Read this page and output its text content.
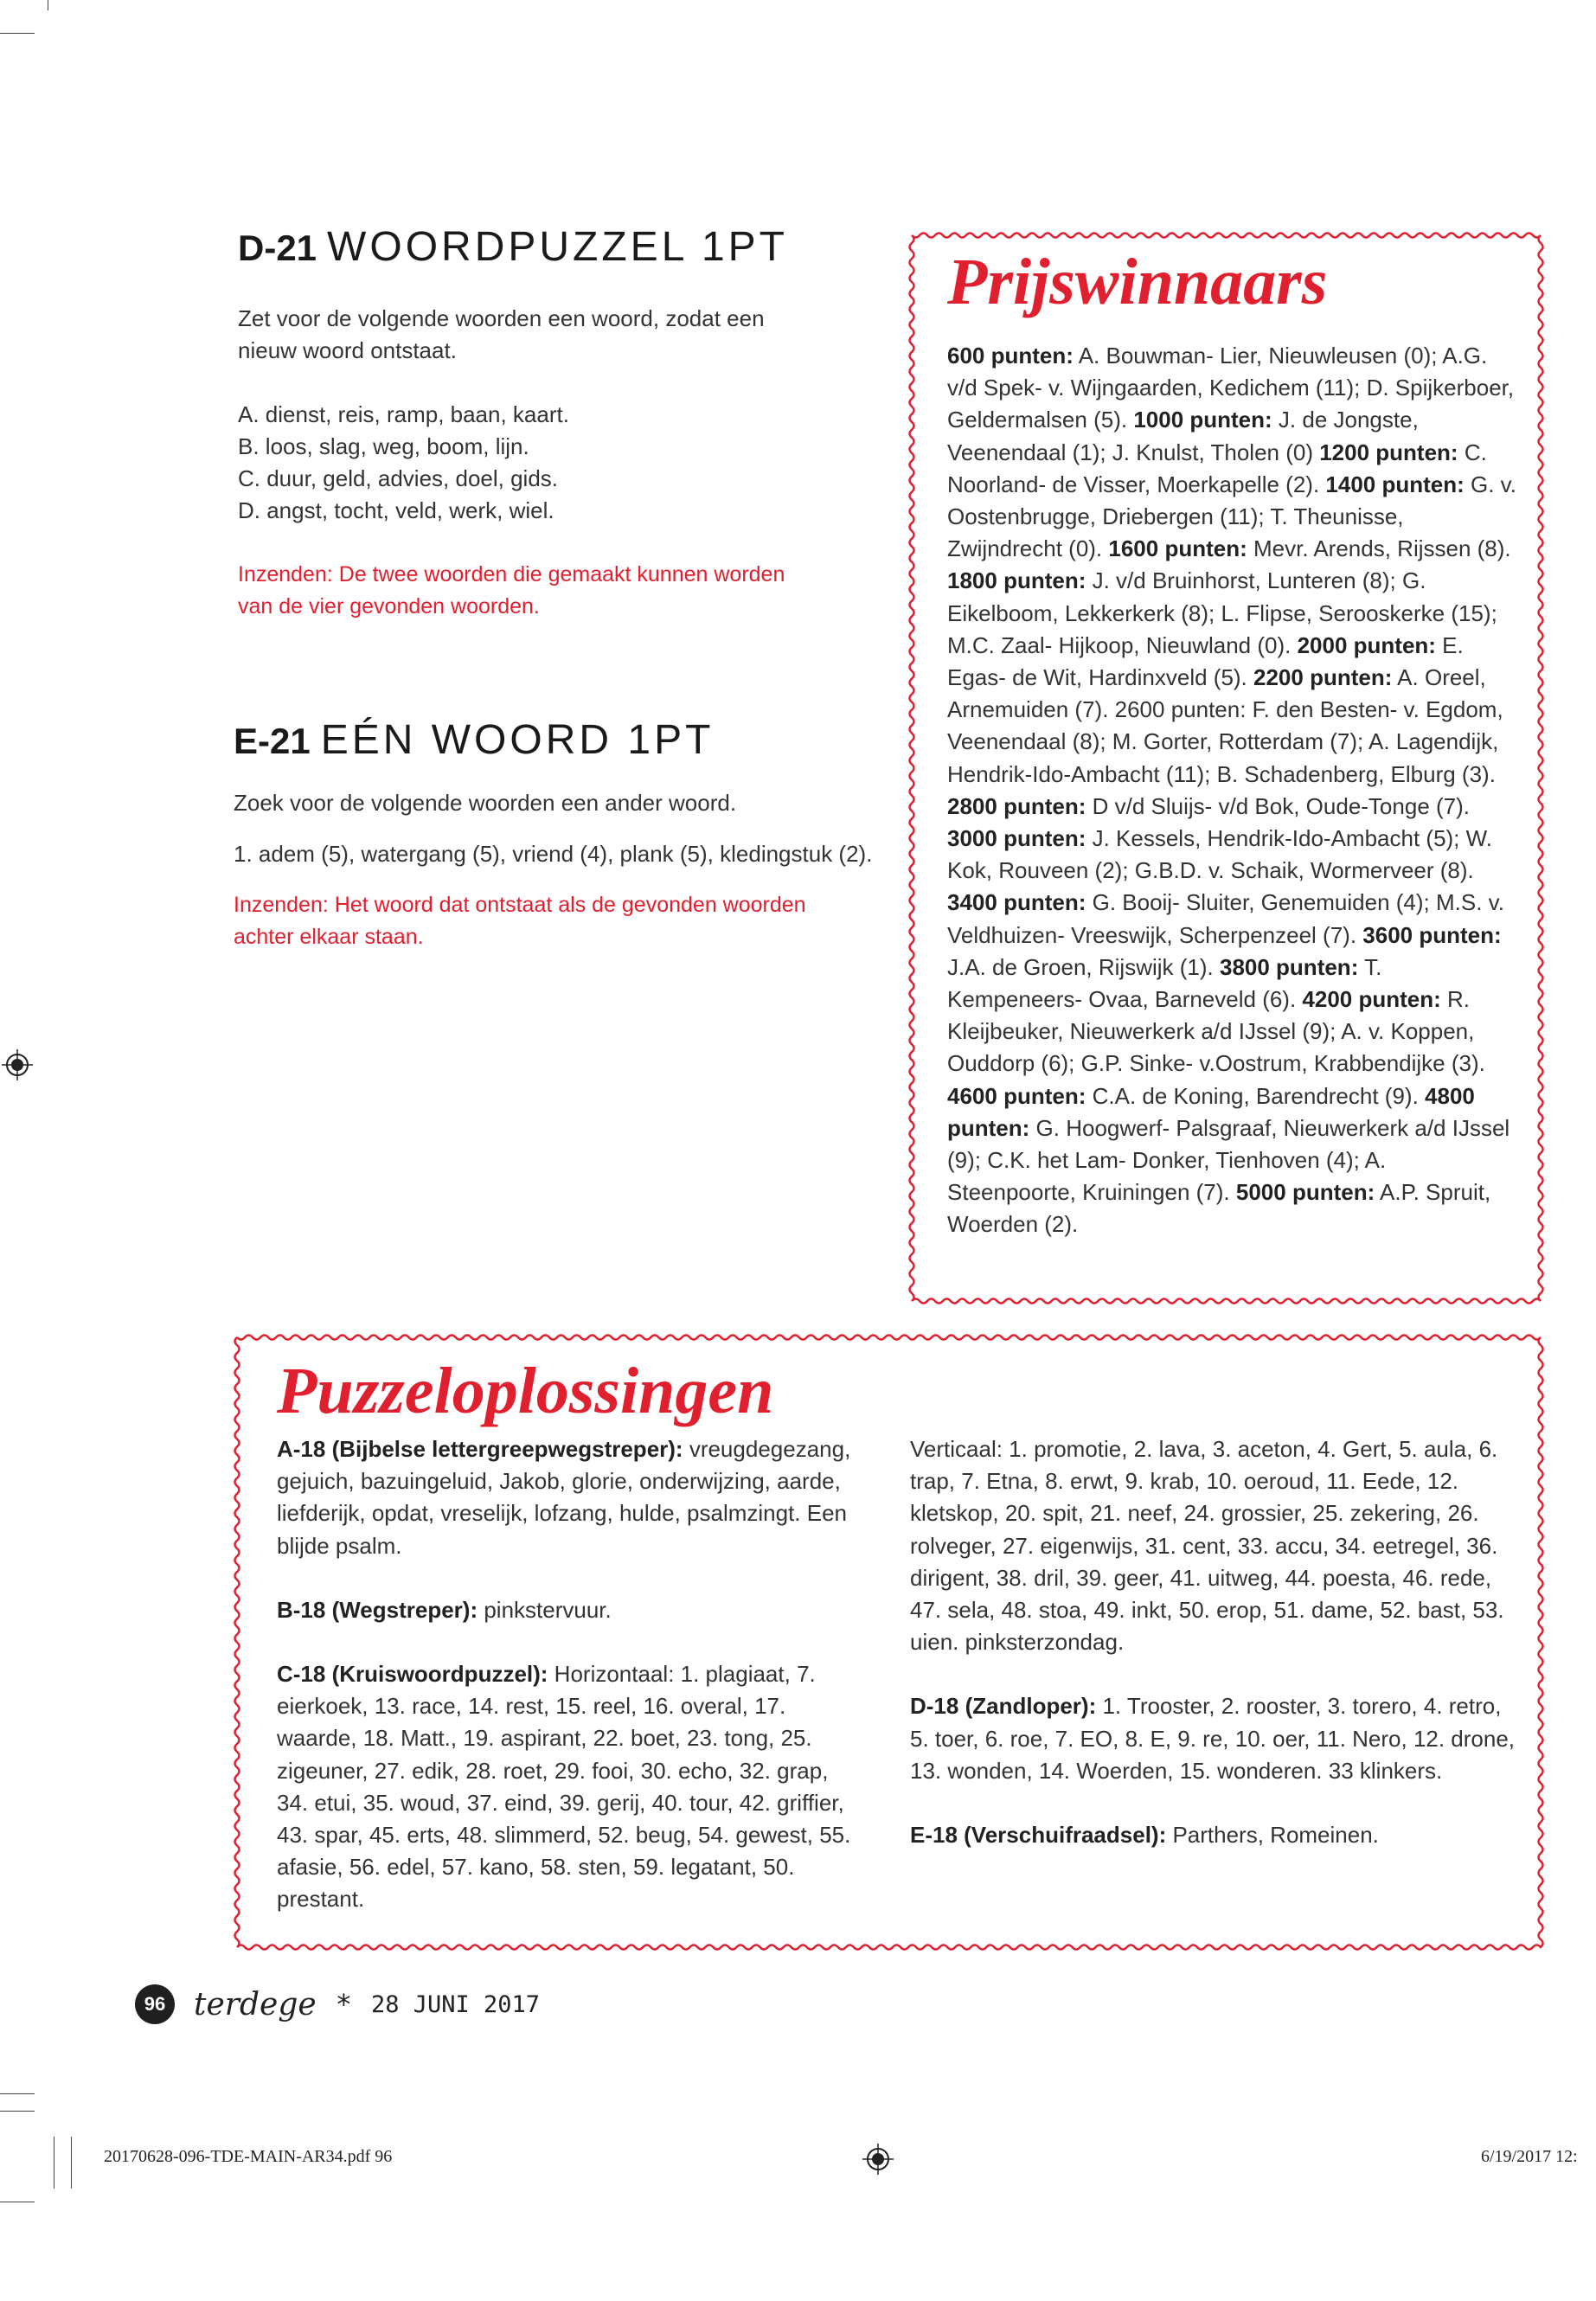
D-21 WOORDPUZZEL 1PT

Zet voor de volgende woorden een woord, zodat een

nieuw woord ontstaat.

A. dienst, reis, ramp, baan, kaart.

B. loos, slag, weg, boom, lijn.

C. duur, geld, advies, doel, gids.

D. angst, tocht, veld, werk, wiel.

Inzenden: De twee woorden die gemaakt kunnen worden

van de vier gevonden woorden.

E-21 EÉN WOORD 1PT

Zoek voor de volgende woorden een ander woord.

1. adem (5), watergang (5), vriend (4), plank (5), kledingstuk (2).

Inzenden: Het woord dat ontstaat als de gevonden woorden

achter elkaar staan.

Prijswinnaars

600 punten: A. Bouwman- Lier, Nieuwleusen (0); A.G. v/d Spek- v. Wijngaarden, Kedichem (11); D. Spijkerboer, Geldermalsen (5). 1000 punten: J. de Jongste, Veenendaal (1); J. Knulst, Tholen (0) 1200 punten: C. Noorland- de Visser, Moerkapelle (2). 1400 punten: G. v. Oostenbrugge, Driebergen (11); T. Theunisse, Zwijndrecht (0). 1600 punten: Mevr. Arends, Rijssen (8). 1800 punten: J. v/d Bruinhorst, Lunteren (8); G. Eikelboom, Lekkerkerk (8); L. Flipse, Serooskerke (15); M.C. Zaal- Hijkoop, Nieuwland (0). 2000 punten: E. Egas- de Wit, Hardinxveld (5). 2200 punten: A. Oreel, Arnemuiden (7). 2600 punten: F. den Besten- v. Egdom, Veenendaal (8); M. Gorter, Rotterdam (7); A. Lagendijk, Hendrik-Ido-Ambacht (11); B. Schadenberg, Elburg (3). 2800 punten: D v/d Sluijs- v/d Bok, Oude-Tonge (7). 3000 punten: J. Kessels, Hendrik-Ido-Ambacht (5); W. Kok, Rouveen (2); G.B.D. v. Schaik, Wormerveer (8). 3400 punten: G. Booij- Sluiter, Genemuiden (4); M.S. v. Veldhuizen- Vreeswijk, Scherpenzeel (7). 3600 punten: J.A. de Groen, Rijswijk (1). 3800 punten: T. Kempeneers- Ovaa, Barneveld (6). 4200 punten: R. Kleijbeuker, Nieuwerkerk a/d IJssel (9); A. v. Koppen, Ouddorp (6); G.P. Sinke- v.Oostrum, Krabbendijke (3). 4600 punten: C.A. de Koning, Barendrecht (9). 4800 punten: G. Hoogwerf- Palsgraaf, Nieuwerkerk a/d IJssel (9); C.K. het Lam- Donker, Tienhoven (4); A. Steenpoorte, Kruiningen (7). 5000 punten: A.P. Spruit, Woerden (2).

Puzzeloplossingen

A-18 (Bijbelse lettergreepwegstreper): vreugdegezang, gejuich, bazuingeluid, Jakob, glorie, onderwijzing, aarde, liefderijk, opdat, vreselijk, lofzang, hulde, psalmzingt. Een blijde psalm.

B-18 (Wegstreper): pinkstervuur.

C-18 (Kruiswoordpuzzel): Horizontaal: 1. plagiaat, 7. eierkoek, 13. race, 14. rest, 15. reel, 16. overal, 17. waarde, 18. Matt., 19. aspirant, 22. boet, 23. tong, 25. zigeuner, 27. edik, 28. roet, 29. fooi, 30. echo, 32. grap, 34. etui, 35. woud, 37. eind, 39. gerij, 40. tour, 42. griffier, 43. spar, 45. erts, 48. slimmerd, 52. beug, 54. gewest, 55. afasie, 56. edel, 57. kano, 58. sten, 59. legatant, 50. prestant.

Verticaal: 1. promotie, 2. lava, 3. aceton, 4. Gert, 5. aula, 6. trap, 7. Etna, 8. erwt, 9. krab, 10. oeroud, 11. Eede, 12. kletskop, 20. spit, 21. neef, 24. grossier, 25. zekering, 26. rolveger, 27. eigenwijs, 31. cent, 33. accu, 34. eetregel, 36. dirigent, 38. dril, 39. geer, 41. uitweg, 44. poesta, 46. rede, 47. sela, 48. stoa, 49. inkt, 50. erop, 51. dame, 52. bast, 53. uien. pinksterzondag.

D-18 (Zandloper): 1. Trooster, 2. rooster, 3. torero, 4. retro, 5. toer, 6. roe, 7. EO, 8. E, 9. re, 10. oer, 11. Nero, 12. drone, 13. wonden, 14. Woerden, 15. wonderen. 33 klinkers.

E-18 (Verschuifraadsel): Parthers, Romeinen.

96 terdege * 28 JUNI 2017
20170628-096-TDE-MAIN-AR34.pdf 96	6/19/2017 12:
